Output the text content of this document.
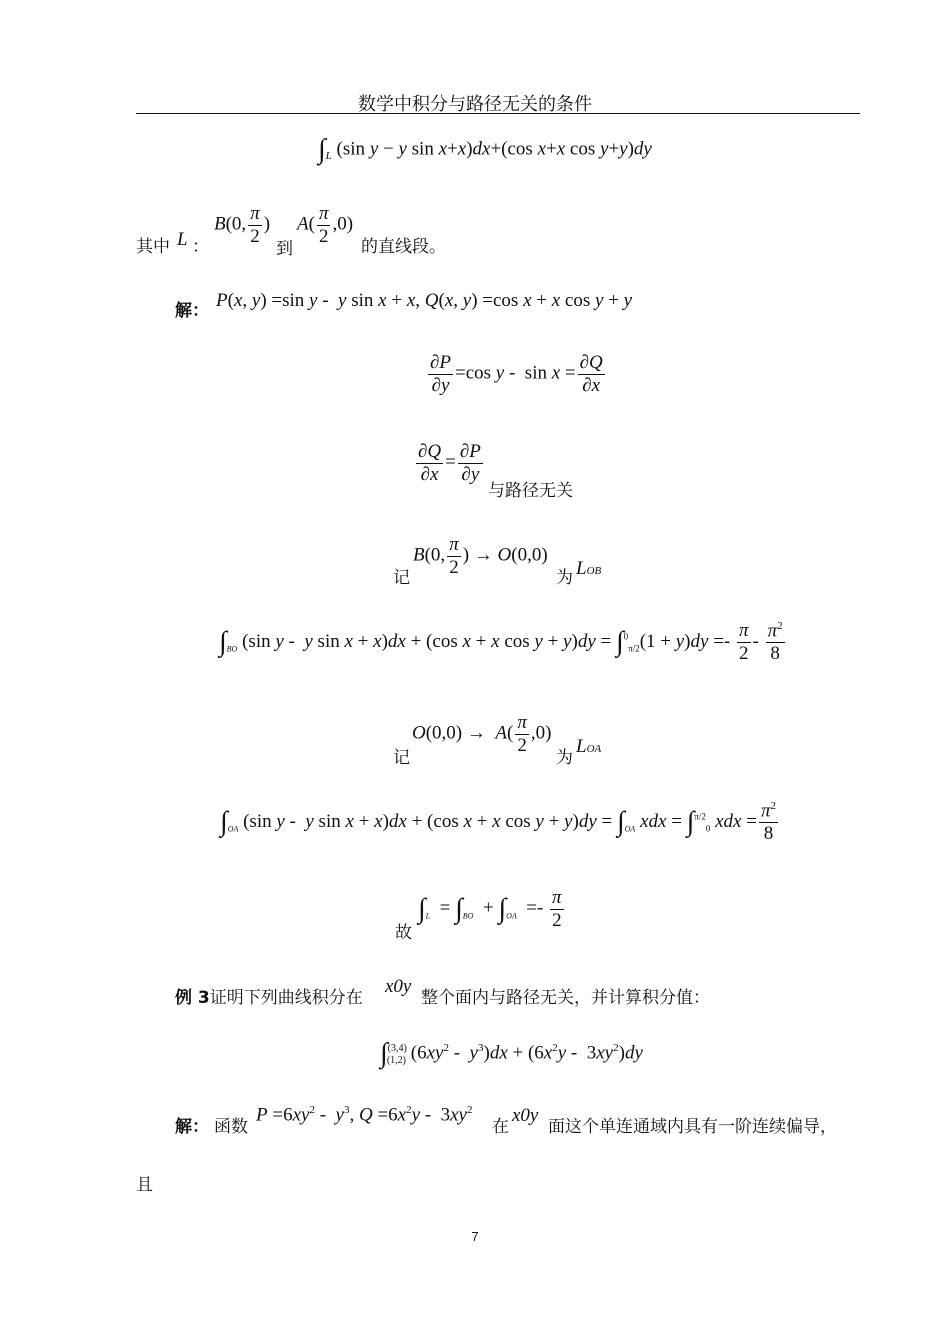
数学中积分与路径无关的条件
$\int_L$ (sin y − y sin x+x)dx+(cos x+x cos y+y)dy
其中 L ：
B(0, $\frac{\pi}{2}$ )
到
$A( \frac{\pi}{2} ,0)$
的直线段。
解： P(x, y) =sin y -  y sin x + x, Q(x, y) =cos x + x cos y + y
$\frac{\partial P}{\partial y} =\cos$ $y - \sin x = \frac{\partial Q}{\partial x}$
$\frac{\partial Q}{\partial x} = \frac{\partial P}{\partial y}$
与路径无关
记
B(0, $\frac{\pi}{2}$ ) → O(0,0)
为 LOB
$\int_{BO}$ (sin y -  y sin x + x)dx + (cos x + x $\cos y + y)dy = \int^0_{\pi/2}(1 + y)dy =- \frac{\pi}{2} - \frac{\pi^2}{8}$
记
$O(0,0) \to A( \frac{\pi}{2} ,0)$
为
LOA
$\int_{OA}$ (sin y -  y sin x + x)dx + (cos x + x $\cos y + y)dy = \int_{OA}$ xdx = ∫$^{\pi/2}_0$ xdx = $\frac{\pi^2}{8}$
故
$\int_L = \int_{BO} + \int_{OA} =- \frac{\pi}{2}$
例 3证明下列曲线积分在
x0y
整个面内与路径无关，并计算积分值：
∫$^{(3,4)}_{(1,2)}$ $(6xy^2 - y^3)dx + (6x^2y - 3xy^2)dy$
解： 函数
$P =6xy^2 - y^3$, $Q =6x^2y - 3xy^2$
在
x0y
面这个单连通域内具有一阶连续偏导，
且
7
